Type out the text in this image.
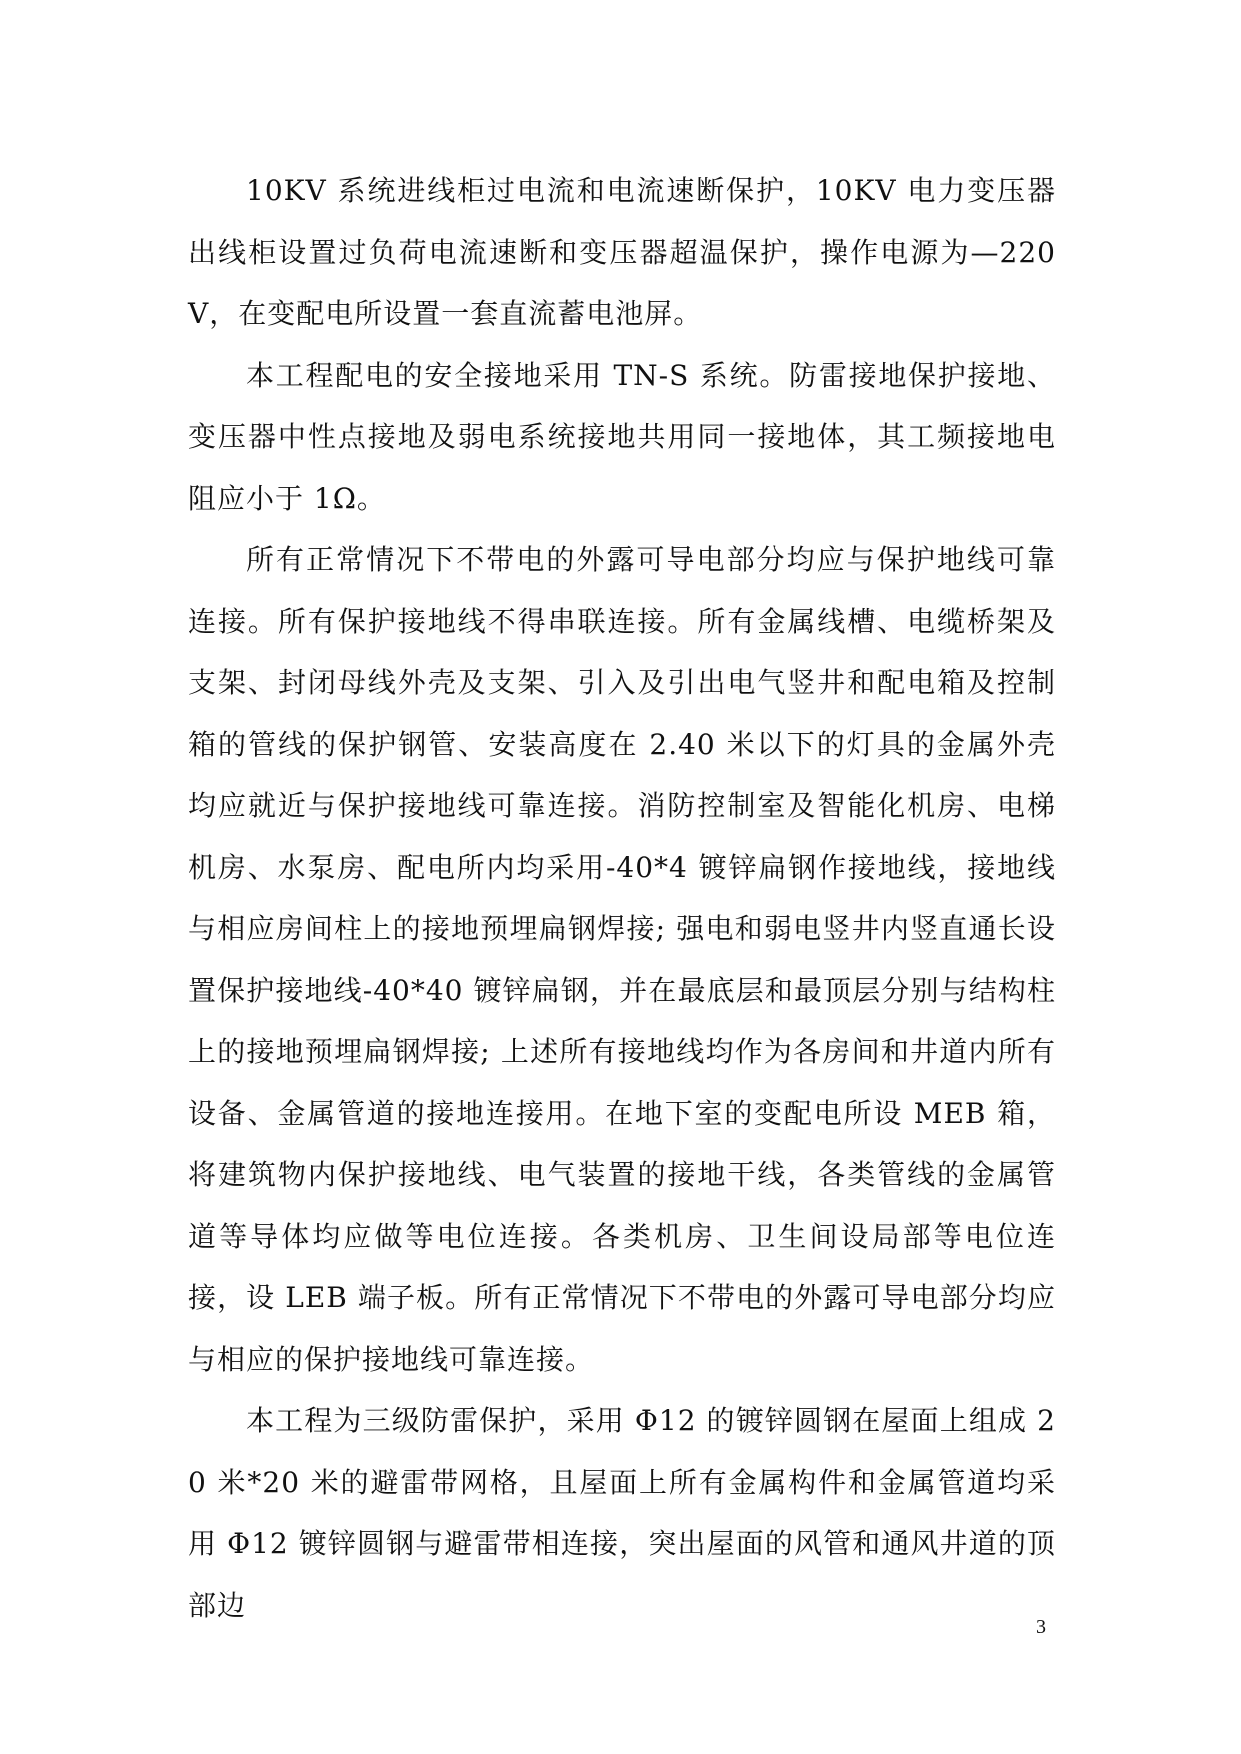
10KV 系统进线柜过电流和电流速断保护，10KV 电力变压器出线柜设置过负荷电流速断和变压器超温保护，操作电源为—220V，在变配电所设置一套直流蓄电池屏。

本工程配电的安全接地采用 TN-S 系统。防雷接地保护接地、变压器中性点接地及弱电系统接地共用同一接地体，其工频接地电阻应小于 1Ω。

所有正常情况下不带电的外露可导电部分均应与保护地线可靠连接。所有保护接地线不得串联连接。所有金属线槽、电缆桥架及支架、封闭母线外壳及支架、引入及引出电气竖井和配电箱及控制箱的管线的保护钢管、安装高度在 2.40 米以下的灯具的金属外壳均应就近与保护接地线可靠连接。消防控制室及智能化机房、电梯机房、水泵房、配电所内均采用-40*4 镀锌扁钢作接地线，接地线与相应房间柱上的接地预埋扁钢焊接; 强电和弱电竖井内竖直通长设置保护接地线-40*40 镀锌扁钢，并在最底层和最顶层分别与结构柱上的接地预埋扁钢焊接; 上述所有接地线均作为各房间和井道内所有设备、金属管道的接地连接用。在地下室的变配电所设 MEB 箱，将建筑物内保护接地线、电气装置的接地干线，各类管线的金属管道等导体均应做等电位连接。各类机房、卫生间设局部等电位连接，设 LEB 端子板。所有正常情况下不带电的外露可导电部分均应与相应的保护接地线可靠连接。

本工程为三级防雷保护，采用 Φ12 的镀锌圆钢在屋面上组成 20 米*20 米的避雷带网格，且屋面上所有金属构件和金属管道均采用 Φ12 镀锌圆钢与避雷带相连接，突出屋面的风管和通风井道的顶部边

3
